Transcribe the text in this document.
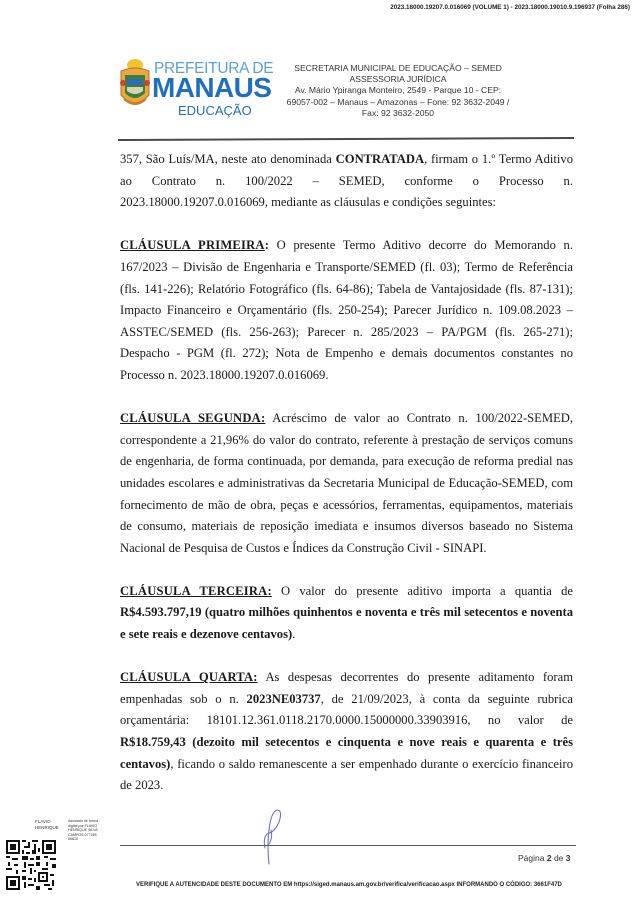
2023.18000.19207.0.016069 (VOLUME 1) - 2023.18000.19010.9.196937 (Folha 286)
PREFEITURA DE
MANAUS
EDUCAÇÃO
SECRETARIA MUNICIPAL DE EDUCAÇÃO – SEMED
ASSESSORIA JURÍDICA
Av. Mário Ypiranga Monteiro, 2549 - Parque 10 - CEP:
69057-002 – Manaus – Amazonas – Fone: 92 3632-2049 /
Fax: 92 3632-2050

357, São Luís/MA, neste ato denominada CONTRATADA, firmam o 1.º Termo Aditivo ao Contrato n. 100/2022 – SEMED, conforme o Processo n. 2023.18000.19207.0.016069, mediante as cláusulas e condições seguintes:

CLÁUSULA PRIMEIRA: O presente Termo Aditivo decorre do Memorando n. 167/2023 – Divisão de Engenharia e Transporte/SEMED (fl. 03); Termo de Referência (fls. 141-226); Relatório Fotográfico (fls. 64-86); Tabela de Vantajosidade (fls. 87-131); Impacto Financeiro e Orçamentário (fls. 250-254); Parecer Jurídico n. 109.08.2023 – ASSTEC/SEMED (fls. 256-263); Parecer n. 285/2023 – PA/PGM (fls. 265-271); Despacho - PGM (fl. 272); Nota de Empenho e demais documentos constantes no Processo n. 2023.18000.19207.0.016069.

CLÁUSULA SEGUNDA: Acréscimo de valor ao Contrato n. 100/2022-SEMED, correspondente a 21,96% do valor do contrato, referente à prestação de serviços comuns de engenharia, de forma continuada, por demanda, para execução de reforma predial nas unidades escolares e administrativas da Secretaria Municipal de Educação-SEMED, com fornecimento de mão de obra, peças e acessórios, ferramentas, equipamentos, materiais de consumo, materiais de reposição imediata e insumos diversos baseado no Sistema Nacional de Pesquisa de Custos e Índices da Construção Civil - SINAPI.

CLÁUSULA TERCEIRA: O valor do presente aditivo importa a quantia de R$4.593.797,19 (quatro milhões quinhentos e noventa e três mil setecentos e noventa e sete reais e dezenove centavos).

CLÁUSULA QUARTA: As despesas decorrentes do presente aditamento foram empenhadas sob o n. 2023NE03737, de 21/09/2023, à conta da seguinte rubrica orçamentária: 18101.12.361.0118.2170.0000.15000000.33903916, no valor de R$18.759,43 (dezoito mil setecentos e cinquenta e nove reais e quarenta e três centavos), ficando o saldo remanescente a ser empenhado durante o exercício financeiro de 2023.

FLAVIO HENRIQUE
Assinado de forma digital por FLAVIO HENRIQUE SILVA CAMPOS:077285 06815
Página 2 de 3
VERIFIQUE A AUTENCIDADE DESTE DOCUMENTO EM https://siged.manaus.am.gov.br/verifica/verificacao.aspx INFORMANDO O CÓDIGO: 3661F47D
